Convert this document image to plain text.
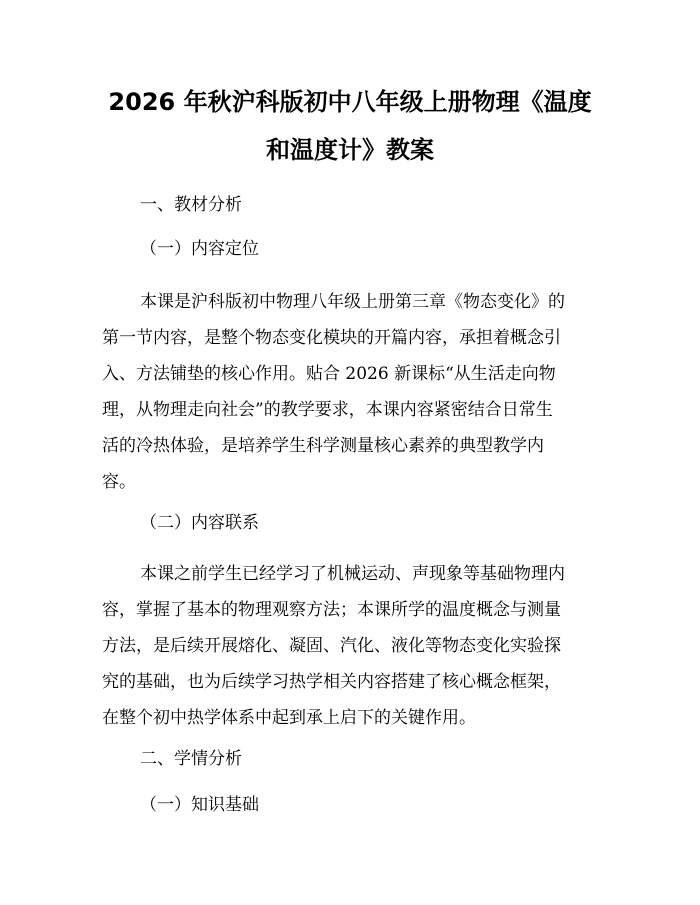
2026 年秋沪科版初中八年级上册物理《温度
和温度计》教案

一、教材分析

（一）内容定位

本课是沪科版初中物理八年级上册第三章《物态变化》的
第一节内容，是整个物态变化模块的开篇内容，承担着概念引
入、方法铺垫的核心作用。贴合 2026 新课标“从生活走向物
理，从物理走向社会”的教学要求，本课内容紧密结合日常生
活的冷热体验，是培养学生科学测量核心素养的典型教学内
容。

（二）内容联系

本课之前学生已经学习了机械运动、声现象等基础物理内
容，掌握了基本的物理观察方法；本课所学的温度概念与测量
方法，是后续开展熔化、凝固、汽化、液化等物态变化实验探
究的基础，也为后续学习热学相关内容搭建了核心概念框架，
在整个初中热学体系中起到承上启下的关键作用。

二、学情分析

（一）知识基础
